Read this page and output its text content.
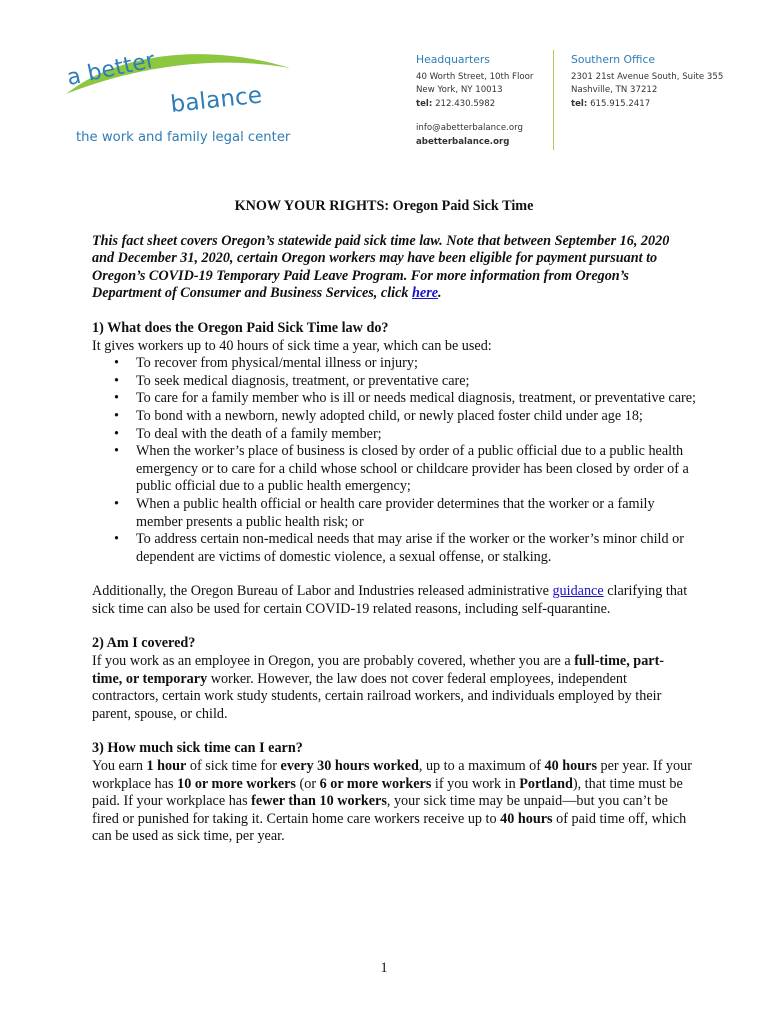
a better
balance
the work and family legal center
Headquarters
40 Worth Street, 10th Floor
New York, NY 10013
tel: 212.430.5982
Southern Office
2301 21st Avenue South, Suite 355
Nashville, TN 37212
tel: 615.915.2417
info@abetterbalance.org
abetterbalance.org

KNOW YOUR RIGHTS: Oregon Paid Sick Time

This fact sheet covers Oregon’s statewide paid sick time law. Note that between September 16, 2020 and December 31, 2020, certain Oregon workers may have been eligible for payment pursuant to Oregon’s COVID-19 Temporary Paid Leave Program. For more information from Oregon’s Department of Consumer and Business Services, click here.

1) What does the Oregon Paid Sick Time law do?

It gives workers up to 40 hours of sick time a year, which can be used:

• To recover from physical/mental illness or injury;
• To seek medical diagnosis, treatment, or preventative care;
• To care for a family member who is ill or needs medical diagnosis, treatment, or preventative care;
• To bond with a newborn, newly adopted child, or newly placed foster child under age 18;
• To deal with the death of a family member;
• When the worker’s place of business is closed by order of a public official due to a public health emergency or to care for a child whose school or childcare provider has been closed by order of a public official due to a public health emergency;
• When a public health official or health care provider determines that the worker or a family member presents a public health risk; or
• To address certain non-medical needs that may arise if the worker or the worker’s minor child or dependent are victims of domestic violence, a sexual offense, or stalking.

Additionally, the Oregon Bureau of Labor and Industries released administrative guidance clarifying that sick time can also be used for certain COVID-19 related reasons, including self-quarantine.

2) Am I covered?

If you work as an employee in Oregon, you are probably covered, whether you are a full-time, part-time, or temporary worker. However, the law does not cover federal employees, independent contractors, certain work study students, certain railroad workers, and individuals employed by their parent, spouse, or child.

3) How much sick time can I earn?

You earn 1 hour of sick time for every 30 hours worked, up to a maximum of 40 hours per year. If your workplace has 10 or more workers (or 6 or more workers if you work in Portland), that time must be paid. If your workplace has fewer than 10 workers, your sick time may be unpaid—but you can’t be fired or punished for taking it. Certain home care workers receive up to 40 hours of paid time off, which can be used as sick time, per year.

1
